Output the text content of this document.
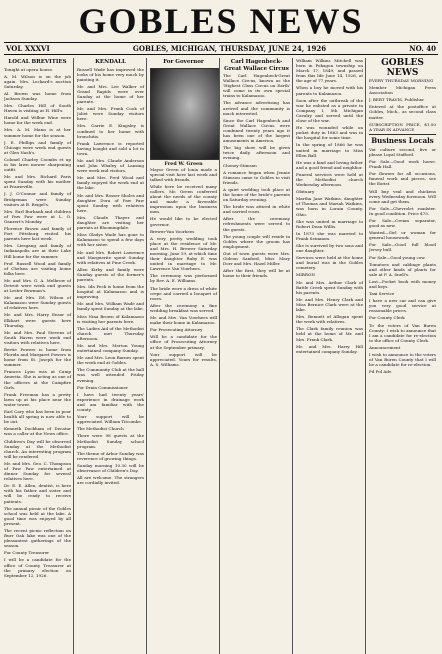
GOBLES NEWS
VOL XXXVI	GOBLES, MICHIGAN, THURSDAY, JUNE 24, 1926	NO. 40
LOCAL BREVITIES

Tonight at opera house.

A. M. Wilson is on the job again. Mrs. Lockard's auction Saturday.

Al. Brown was home from Jackson Sunday.

Mrs. Charles Hill of South Haven is visiting at H. Hill's.

Harold and Wilbur Wine were home for the week end.

Mrs. A. M. Mann is at her summer home for the season.

J. E. Phillips and family of Chicago were week end guests at Glen Nash's.

Colonel Charley Coombs et up in his lawn mower sharpening outfit.

Mr. and Mrs. Richard Paris spent Sunday with his mother at Prairieville.

J. J. O'Connor and family of Bridgeman were Sunday visitors at B. Reigel's.

Mrs. Earl Burbank and children of Paw Paw were at L. O. Ganzert's Monday.

Florence Brown and family of Fort Pittsburg visited his parents here last week.

Mrs. Liesgang and family of Indianapolis are at their Lake Hill home for the summer.

Prof. Russell Wood and family of Chelsea are visiting home folks here.

Mr. and Mrs. G. A. Melbrow of Detroit were week end guests at Lester Bowman's.

Mr. and Mrs. Ed. Wilson of Kalamazoo were Sunday guests of relatives here.

Mr. and Mrs. Harry Ensor of Elkhart were guests here Thursday.

Mr. and Mrs. Paul Stevens of South Haven were week end visitors with relatives here.

Bertie Powers is home from Florida and Margaret Powers is home from St. Joseph for the summer.

Frances Lyon was at Camp Amerita. She is acting as one of the officers at the Campfire Girls.

Frank Freeman has a pretty lawn up at his place near the water tower.

Earl Cary who has been in poor health all spring is now able to be out.

Kenneth Dockham of Decatur was a caller at the News office.

Children's Day will be observed Sunday at the Methodist church. An interesting program will be rendered.

Mr. and Mrs. Geo. C. Thompson of Paw Paw entertained at dinner Sunday for several relatives here.

Dr. E. E. Allen, dentist, is here with his father and sister and will be ready to receive patients.

The annual picnic of the Gobles school was held at the lake. A good time was enjoyed by all present.

The recent picnic reflection on Burr Oak lake was one of the pleasantest gatherings of the season.

For County Treasurer

I will be a candidate for the office of County Treasurer at the primary election on September 12, 1926.

KENDALL

Russell Wade has improved the looks of his home very much by painting it.

Mr. and Mrs. Lee Walker of Grand Rapids were over Sunday at the home of her parents.

Mr. and Mrs. Frank Cook of Joliet were Sunday visitors here.

Mrs. Carrie E. Kingsley is confined to her home with bronchitis.

Frank Lawrence is reported having bought and sold a lot in town.

Mr. and Mrs. Claude Anderson and John Whaley of Lansing were week end visitors.

Mr. and Mrs. Fred Wood and family enjoyed the week end at the lake.

Mr. and Mrs. Rosser Sholes and daughter Dora of Paw Paw spent Sunday with relatives here.

Mrs. Claude Thayer and daughter are visiting her parents at Bloomingdale.

Miss Gladys Wade has gone to Kalamazoo to spend a few days with her sister.

Mr. and Mrs. Robert Lawrence and Marguerite spent Sunday with relatives at Pine Creek.

Allen Kirby and family were Sunday guests of the former's parents.

Mrs. Ida Peck is home from the hospital at Kalamazoo and is improving.

Mr. and Mrs. William Wade and family spent Sunday at the lake.

Miss Nina Brown of Kalamazoo is visiting her parents here.

The Ladies Aid of the Methodist church met Thursday afternoon.

Mr. and Mrs. Merton Young entertained company Sunday.

Mr. and Mrs. Leon Barnes spent the week end at Gobles.

The Community Club at the hall was well attended Friday evening.

For Drain Commissioner

I have had twenty years' experience in drainage work and am familiar with the county.

Your support will be appreciated. William Titcombe.

The Methodist Church

There were 98 guests at the Methodist Sunday school program.

The theme of Arbor Sunday was reverence of growing things.

Sunday morning 10.30 will be observance of Children's Day.

All are welcome. The strangers are cordially invited.

For Governor
Fred W. Green

Mayor Green of Ionia made a special visit here last week and talked with friends.

While here he received many callers. Mr. Green conferred about the needs of the county and made a favorable impression upon the business men.

He would like to be elected governor.

Brewer-Van Voorhees

A very pretty wedding took place at the residence of Mr. and Mrs. H. Brewer Saturday morning, June 19, at which time their daughter Ruby E. was united in marriage to Mr. Lawrence Van Voorhees.

The ceremony was performed by Rev. A. E. Williams.

The bride wore a dress of white crepe and carried a bouquet of roses.

After the ceremony a fine wedding breakfast was served.

Mr. and Mrs. Van Voorhees will make their home in Kalamazoo.

For Prosecuting Attorney

Will be a candidate for the office of Prosecuting Attorney at the September primary.

Your support will be appreciated. Yours for results, A. S. Williams.

Carl Hagenbeck-Great Wallace Circus

The Carl Hagenbeck-Great Wallace Circus, known as the 'Highest Class Circus on Earth' will come in its own special trains to Kalamazoo.

The advance advertising has arrived and the community is much interested.

Since the Carl Hagenbeck and Great Wallace Circus were combined twenty years ago it has been one of the largest amusements in America.

The big show will be given twice daily, afternoon and evening.

Cheney-Stimson

A romance began when Jennie Stimson came to Gobles to visit friends.

A quiet wedding took place at the home of the bride's parents on Saturday evening.

The bride was attired in white and carried roses.

After the ceremony refreshments were served to the guests.

The young couple will reside in Gobles where the groom has employment.

Out of town guests were Mrs. Gideon Sanford, Miss Mary Dorr and Mrs. Hazel Miller.

After the first, they will be at home to their friends.

William Wilkins Mitchell was born in Pokagon township on March 17, 1849, and passed from this life June 14, 1926, at the age of 77 years.

When a boy he moved with his parents to Kalamazoo.

Soon after the outbreak of the war he enlisted as a private in Company I, 5th Michigan Cavalry and served until the close of the war.

He was wounded while on picket duty in 1863 and was in the hospital for some time.

In the spring of 1866 he was united in marriage to Miss Ellen Ball.

He was a kind and loving father and a good friend and neighbor.

Funeral services were held at the Methodist church Wednesday afternoon.

Obituary

Martha Jane Watkins, daughter of Thomas and Mariah Watkins, was born in Lorain County, Ohio.

She was united in marriage to Robert Dean Willis.

In 1873 she was married to Frank Seimmon.

She is survived by two sons and one daughter.

Services were held at the home and burial was in the Gobles cemetery.

MIRRON

Mr. and Mrs. Arthur Clark of Battle Creek spent Sunday with his parents.

Mr. and Mrs. Henry Clark and Miss Bernice Clark were at the lake.

Mrs. Bennett of Allegan spent the week with relatives.

The Clark family reunion was held at the home of Mr. and Mrs. Frank Clark.

Mr. and Mrs. Harry Hill entertained company Sunday.

GOBLES NEWS

EVERY THURSDAY MORNING

Member Michigan Press Association

J. BERT TRAVIS, Publisher

Entered at the postoffice at Gobles, Mich., as second class matter.

SUBSCRIPTION PRICE, $1.50 A YEAR IN ADVANCE

Business Locals

Vat culture second, five or please Loyal Stafford.

For Sale—Good work horse. Frank Hall.

For flowers for all occasions, funeral work and pieces, see the florist.

Will buy veal and chickens every Wednesday forenoon. Will come and get them.

For Sale—Chevrolet roadster. In good condition. Price $75.

For Sale—Cream separator, good as new.

Wanted—Girl or woman for general housework.

For Sale—Good full blood Jersey bull.

For Sale—Good young cow.

Tomatoes and cabbage plants and other kinds of plants for sale at F. A. Snell's.

Lost—Pocket book with money and keys.

Taxi Service

I have a new car and can give you very good service at reasonable prices.

For County Clerk

To the voters of Van Buren County: I wish to announce that I am a candidate for re-election to the office of County Clerk.

Announcement

I wish to announce to the voters of Van Buren County that I will be a candidate for re-election.

Pd Pol Adv.
